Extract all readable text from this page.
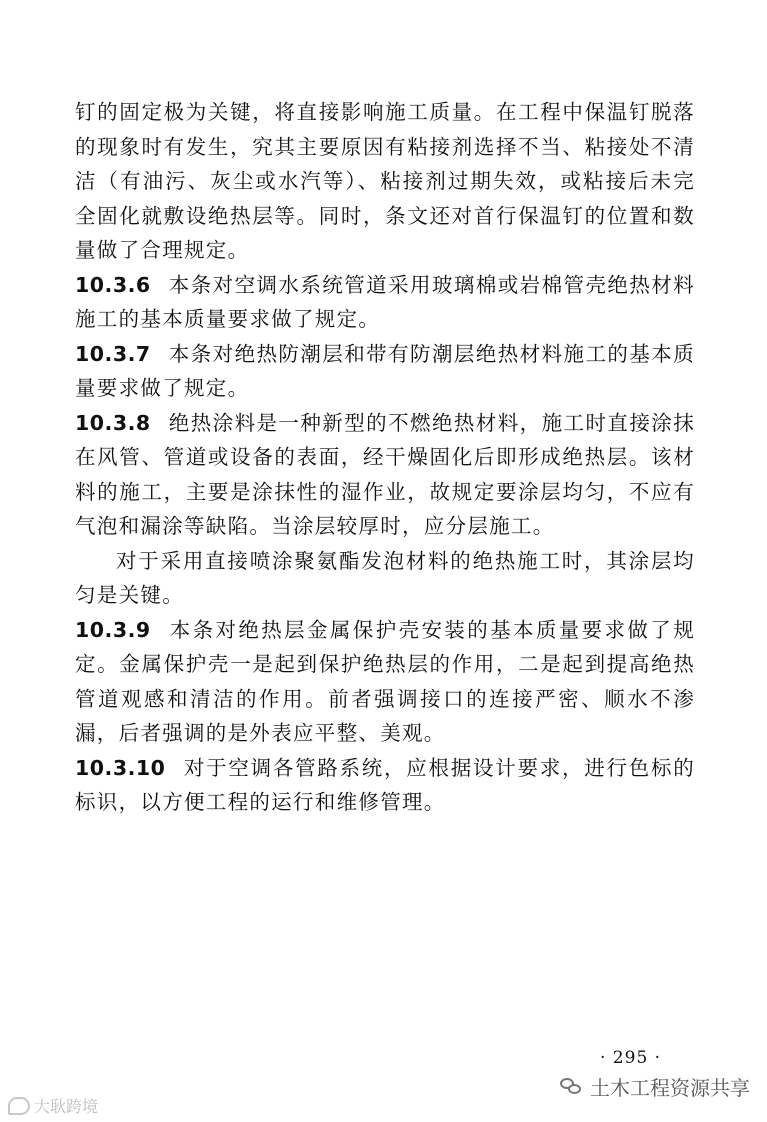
钉的固定极为关键，将直接影响施工质量。在工程中保温钉脱落的现象时有发生，究其主要原因有粘接剂选择不当、粘接处不清洁（有油污、灰尘或水汽等）、粘接剂过期失效，或粘接后未完全固化就敷设绝热层等。同时，条文还对首行保温钉的位置和数量做了合理规定。

10.3.6 本条对空调水系统管道采用玻璃棉或岩棉管壳绝热材料施工的基本质量要求做了规定。

10.3.7 本条对绝热防潮层和带有防潮层绝热材料施工的基本质量要求做了规定。

10.3.8 绝热涂料是一种新型的不燃绝热材料，施工时直接涂抹在风管、管道或设备的表面，经干燥固化后即形成绝热层。该材料的施工，主要是涂抹性的湿作业，故规定要涂层均匀，不应有气泡和漏涂等缺陷。当涂层较厚时，应分层施工。

对于采用直接喷涂聚氨酯发泡材料的绝热施工时，其涂层均匀是关键。

10.3.9 本条对绝热层金属保护壳安装的基本质量要求做了规定。金属保护壳一是起到保护绝热层的作用，二是起到提高绝热管道观感和清洁的作用。前者强调接口的连接严密、顺水不渗漏，后者强调的是外表应平整、美观。

10.3.10 对于空调各管路系统，应根据设计要求，进行色标的标识，以方便工程的运行和维修管理。

· 295 ·
土木工程资源共享
大耿跨境
